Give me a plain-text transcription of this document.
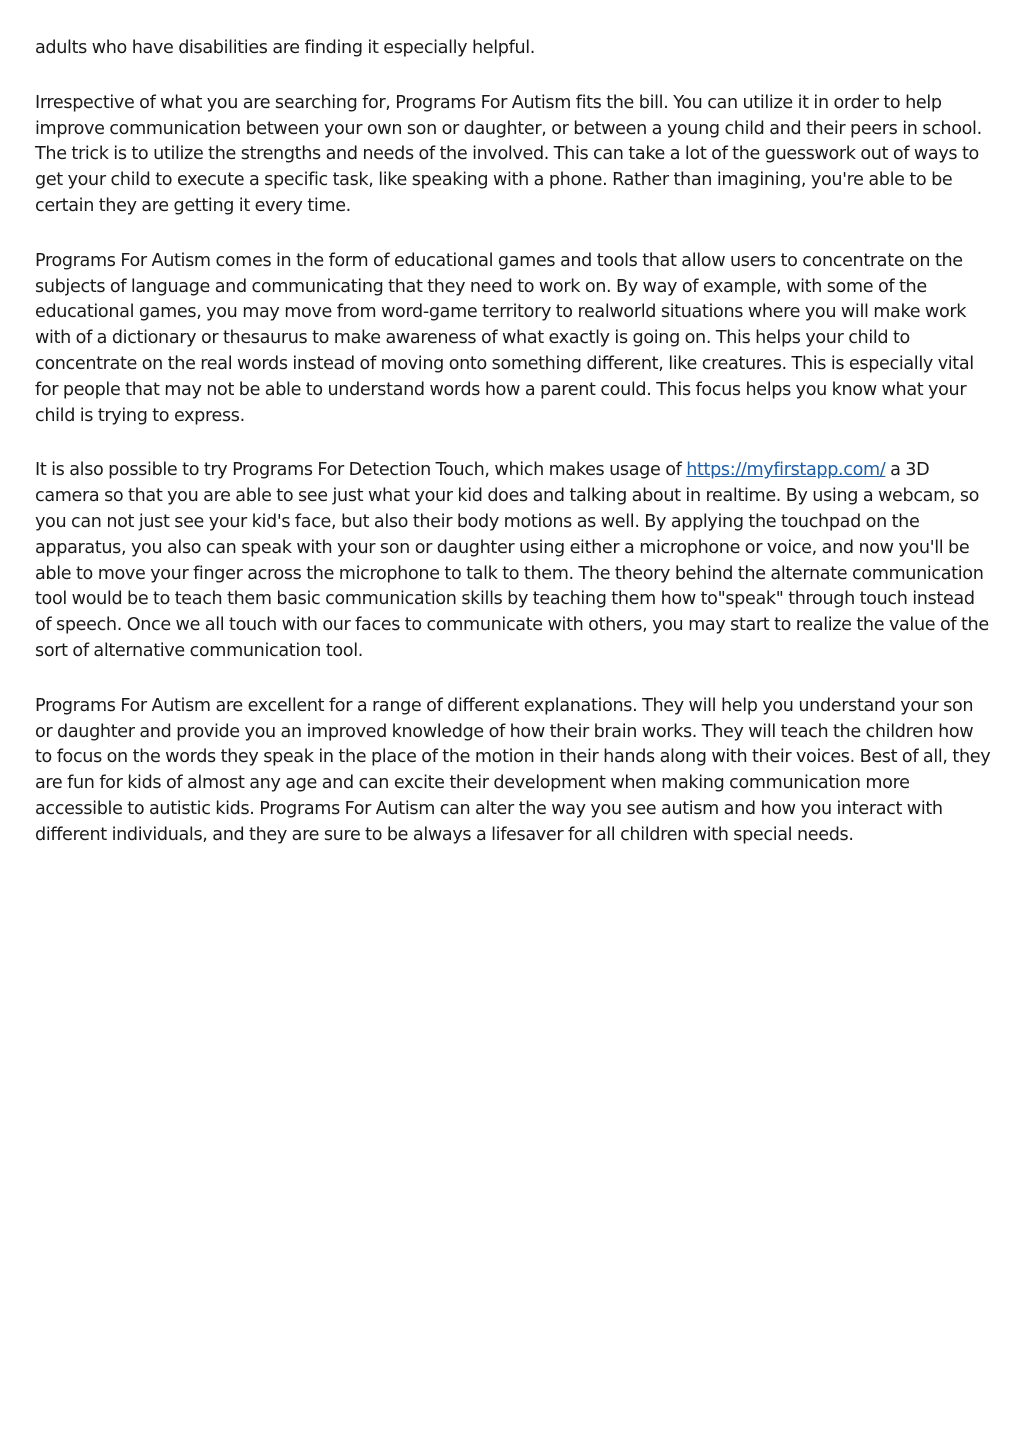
adults who have disabilities are finding it especially helpful.

Irrespective of what you are searching for, Programs For Autism fits the bill. You can utilize it in order to help improve communication between your own son or daughter, or between a young child and their peers in school. The trick is to utilize the strengths and needs of the involved. This can take a lot of the guesswork out of ways to get your child to execute a specific task, like speaking with a phone. Rather than imagining, you're able to be certain they are getting it every time.

Programs For Autism comes in the form of educational games and tools that allow users to concentrate on the subjects of language and communicating that they need to work on. By way of example, with some of the educational games, you may move from word-game territory to realworld situations where you will make work with of a dictionary or thesaurus to make awareness of what exactly is going on. This helps your child to concentrate on the real words instead of moving onto something different, like creatures. This is especially vital for people that may not be able to understand words how a parent could. This focus helps you know what your child is trying to express.

It is also possible to try Programs For Detection Touch, which makes usage of https://myfirstapp.com/ a 3D camera so that you are able to see just what your kid does and talking about in realtime. By using a webcam, so you can not just see your kid's face, but also their body motions as well. By applying the touchpad on the apparatus, you also can speak with your son or daughter using either a microphone or voice, and now you'll be able to move your finger across the microphone to talk to them. The theory behind the alternate communication tool would be to teach them basic communication skills by teaching them how to"speak" through touch instead of speech. Once we all touch with our faces to communicate with others, you may start to realize the value of the sort of alternative communication tool.

Programs For Autism are excellent for a range of different explanations. They will help you understand your son or daughter and provide you an improved knowledge of how their brain works. They will teach the children how to focus on the words they speak in the place of the motion in their hands along with their voices. Best of all, they are fun for kids of almost any age and can excite their development when making communication more accessible to autistic kids. Programs For Autism can alter the way you see autism and how you interact with different individuals, and they are sure to be always a lifesaver for all children with special needs.
